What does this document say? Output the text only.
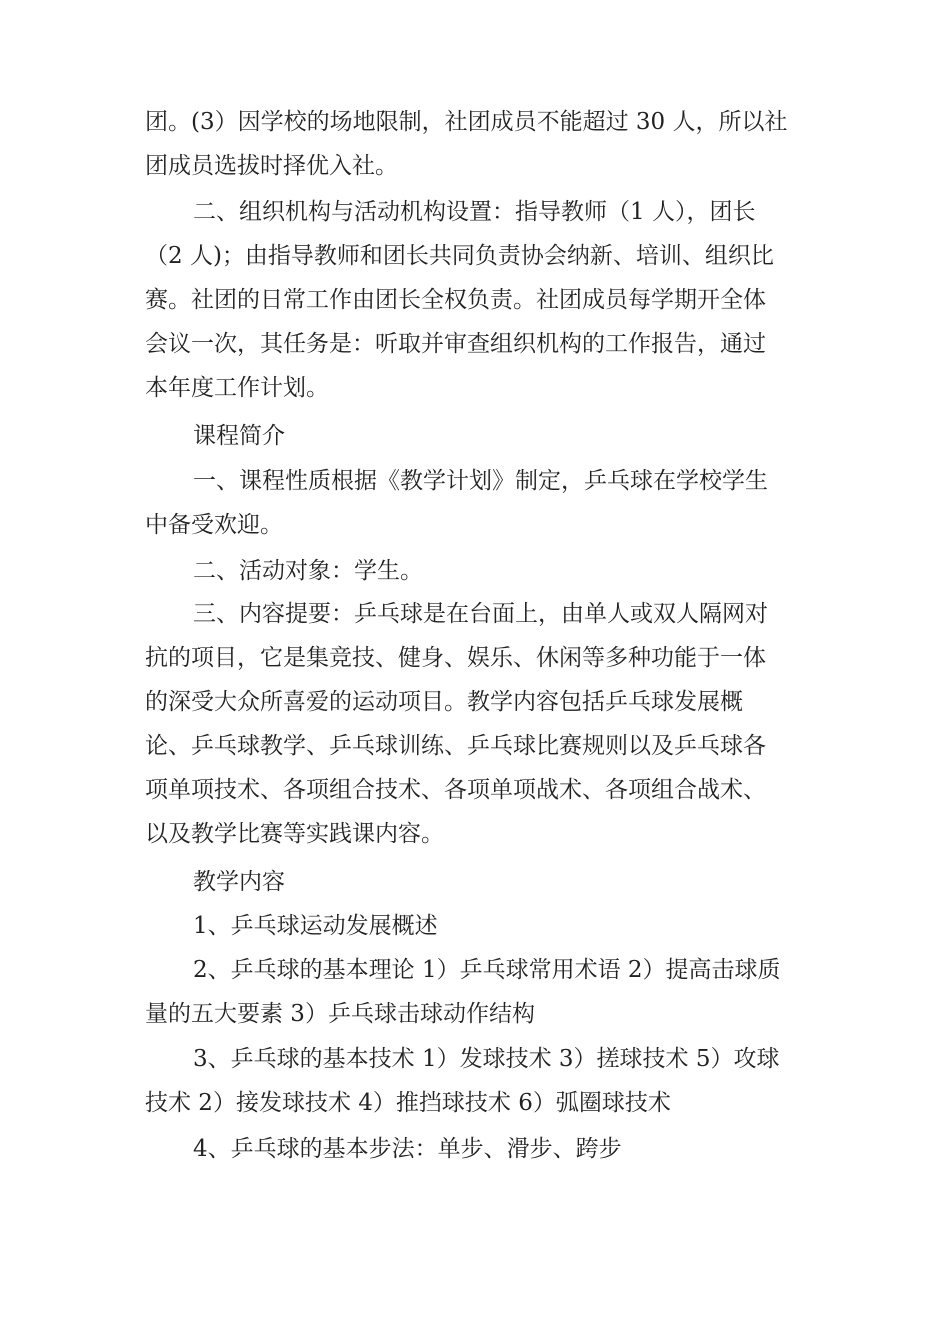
团。(3）因学校的场地限制，社团成员不能超过 30 人，所以社
团成员选拔时择优入社。
二、组织机构与活动机构设置：指导教师（1 人），团长
（2 人)；由指导教师和团长共同负责协会纳新、培训、组织比
赛。社团的日常工作由团长全权负责。社团成员每学期开全体
会议一次，其任务是：听取并审查组织机构的工作报告，通过
本年度工作计划。
课程简介
一、课程性质根据《教学计划》制定，乒乓球在学校学生
中备受欢迎。
二、活动对象：学生。
三、内容提要：乒乓球是在台面上，由单人或双人隔网对
抗的项目，它是集竞技、健身、娱乐、休闲等多种功能于一体
的深受大众所喜爱的运动项目。教学内容包括乒乓球发展概
论、乒乓球教学、乒乓球训练、乒乓球比赛规则以及乒乓球各
项单项技术、各项组合技术、各项单项战术、各项组合战术、
以及教学比赛等实践课内容。
教学内容
1、乒乓球运动发展概述
2、乒乓球的基本理论 1）乒乓球常用术语 2）提高击球质
量的五大要素 3）乒乓球击球动作结构
3、乒乓球的基本技术 1）发球技术 3）搓球技术 5）攻球
技术 2）接发球技术 4）推挡球技术 6）弧圈球技术
4、乒乓球的基本步法：单步、滑步、跨步
